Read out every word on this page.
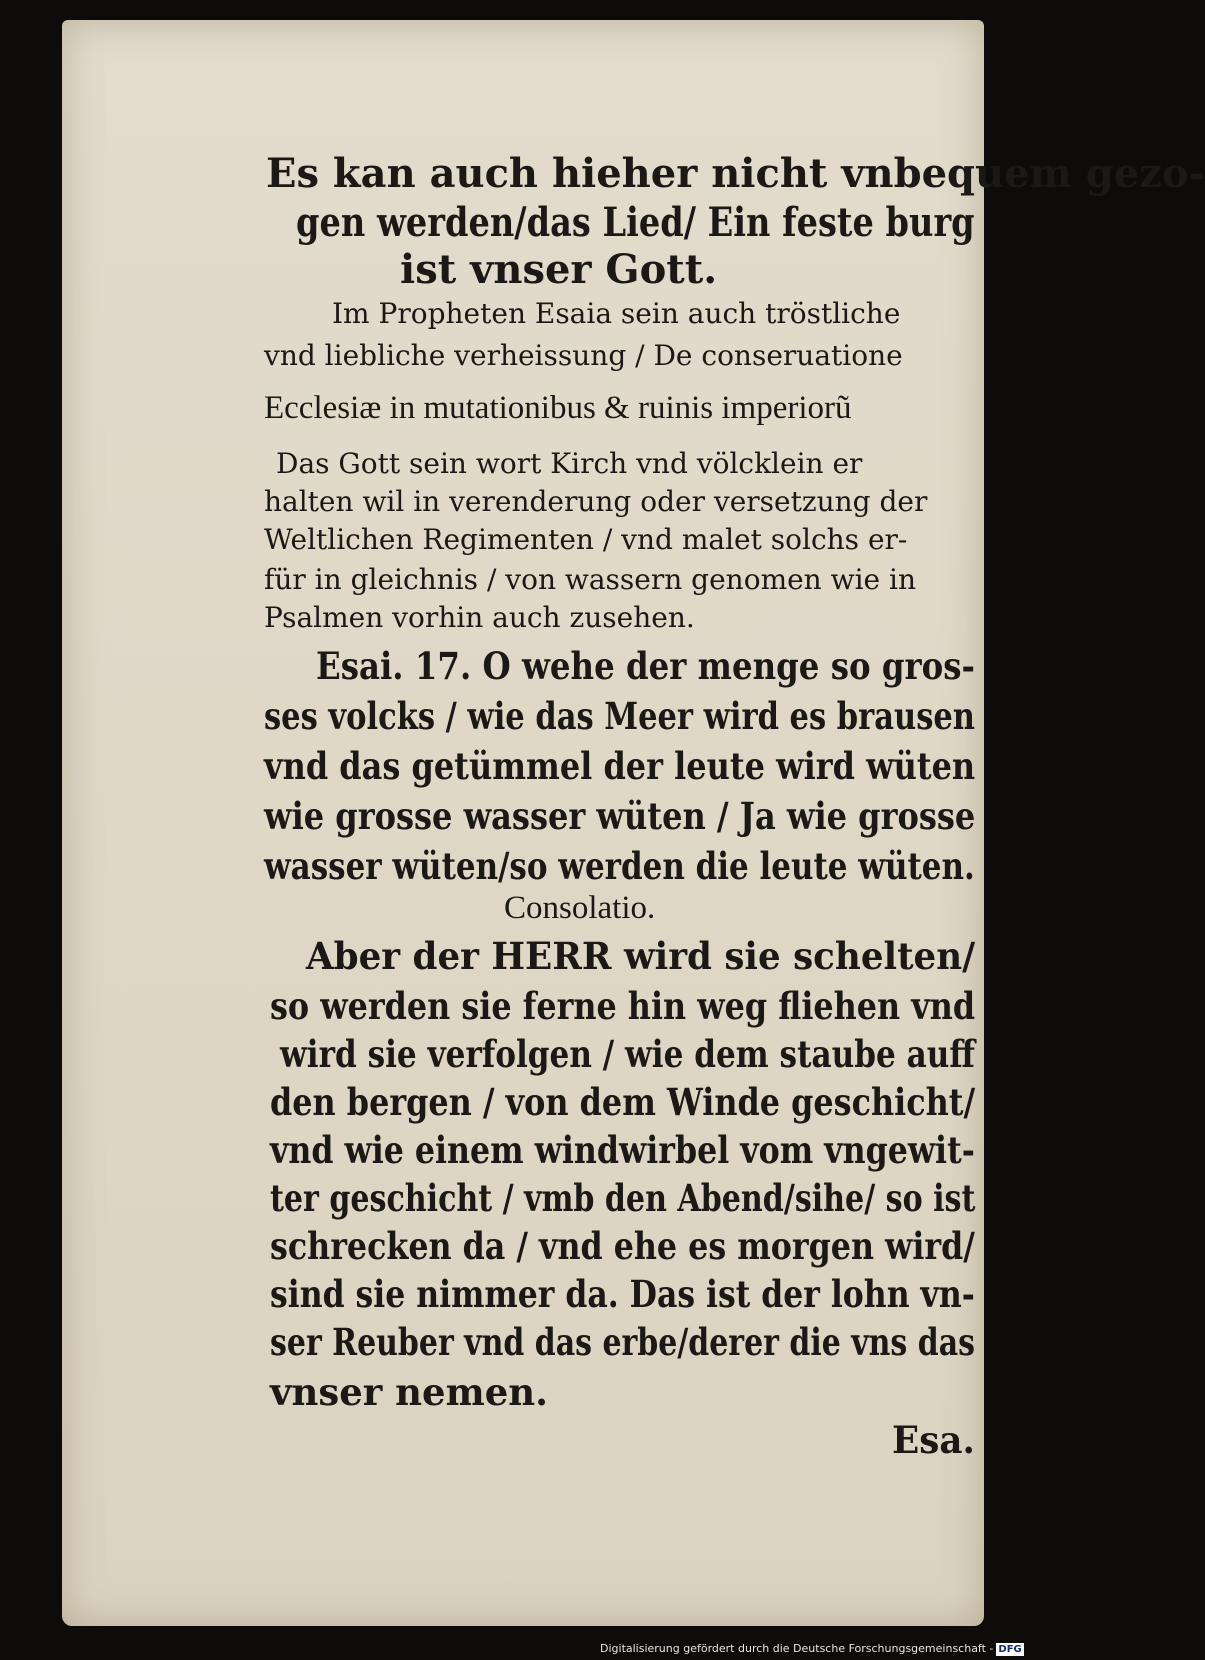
Es kan auch hieher nicht vnbequem gezo-
gen werden/das Lied/ Ein feste burg
ist vnser Gott.
Im Propheten Esaia sein auch tröstliche
vnd liebliche verheissung / De conseruatione
Ecclesiæ in mutationibus & ruinis imperiorũ
Das Gott sein wort Kirch vnd völcklein er
halten wil in verenderung oder versetzung der
Weltlichen Regimenten / vnd malet solchs er-
für in gleichnis / von wassern genomen wie in
Psalmen vorhin auch zusehen.
Esai. 17. O wehe der menge so gros-
ses volcks / wie das Meer wird es brausen
vnd das getümmel der leute wird wüten
wie grosse wasser wüten / Ja wie grosse
wasser wüten/so werden die leute wüten.
Consolatio.
Aber der HERR wird sie schelten/
so werden sie ferne hin weg fliehen vnd
wird sie verfolgen / wie dem staube auff
den bergen / von dem Winde geschicht/
vnd wie einem windwirbel vom vngewit-
ter geschicht / vmb den Abend/sihe/ so ist
schrecken da / vnd ehe es morgen wird/
sind sie nimmer da. Das ist der lohn vn-
ser Reuber vnd das erbe/derer die vns das
vnser nemen.
Esa.
Digitalisierung gefördert durch die Deutsche Forschungsgemeinschaft - DFG
